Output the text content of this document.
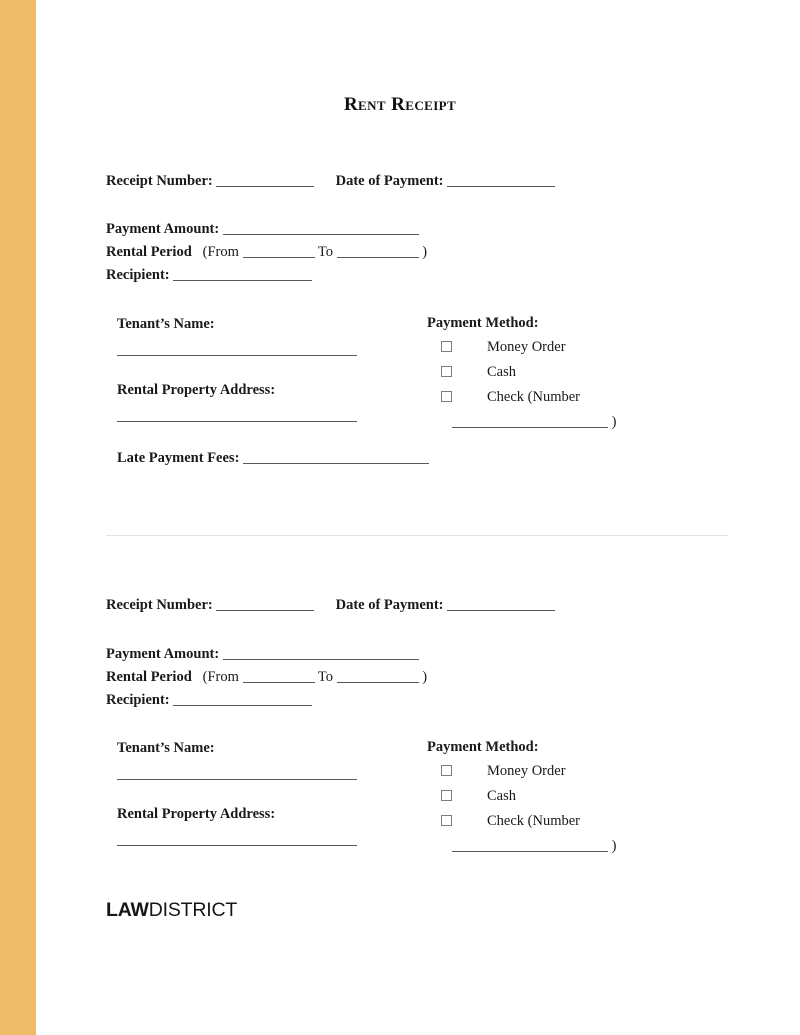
Rent Receipt
Receipt Number:	Date of Payment:
Payment Amount:
Rental Period (From	To	)
Recipient:
Tenant’s Name:
Rental Property Address:
Late Payment Fees:
Payment Method:
Money Order
Cash
Check (Number
)
Receipt Number:	Date of Payment:
Payment Amount:
Rental Period (From	To	)
Recipient:
Tenant’s Name:
Rental Property Address:
Payment Method:
Money Order
Cash
Check (Number
)
LAWDISTRICT
